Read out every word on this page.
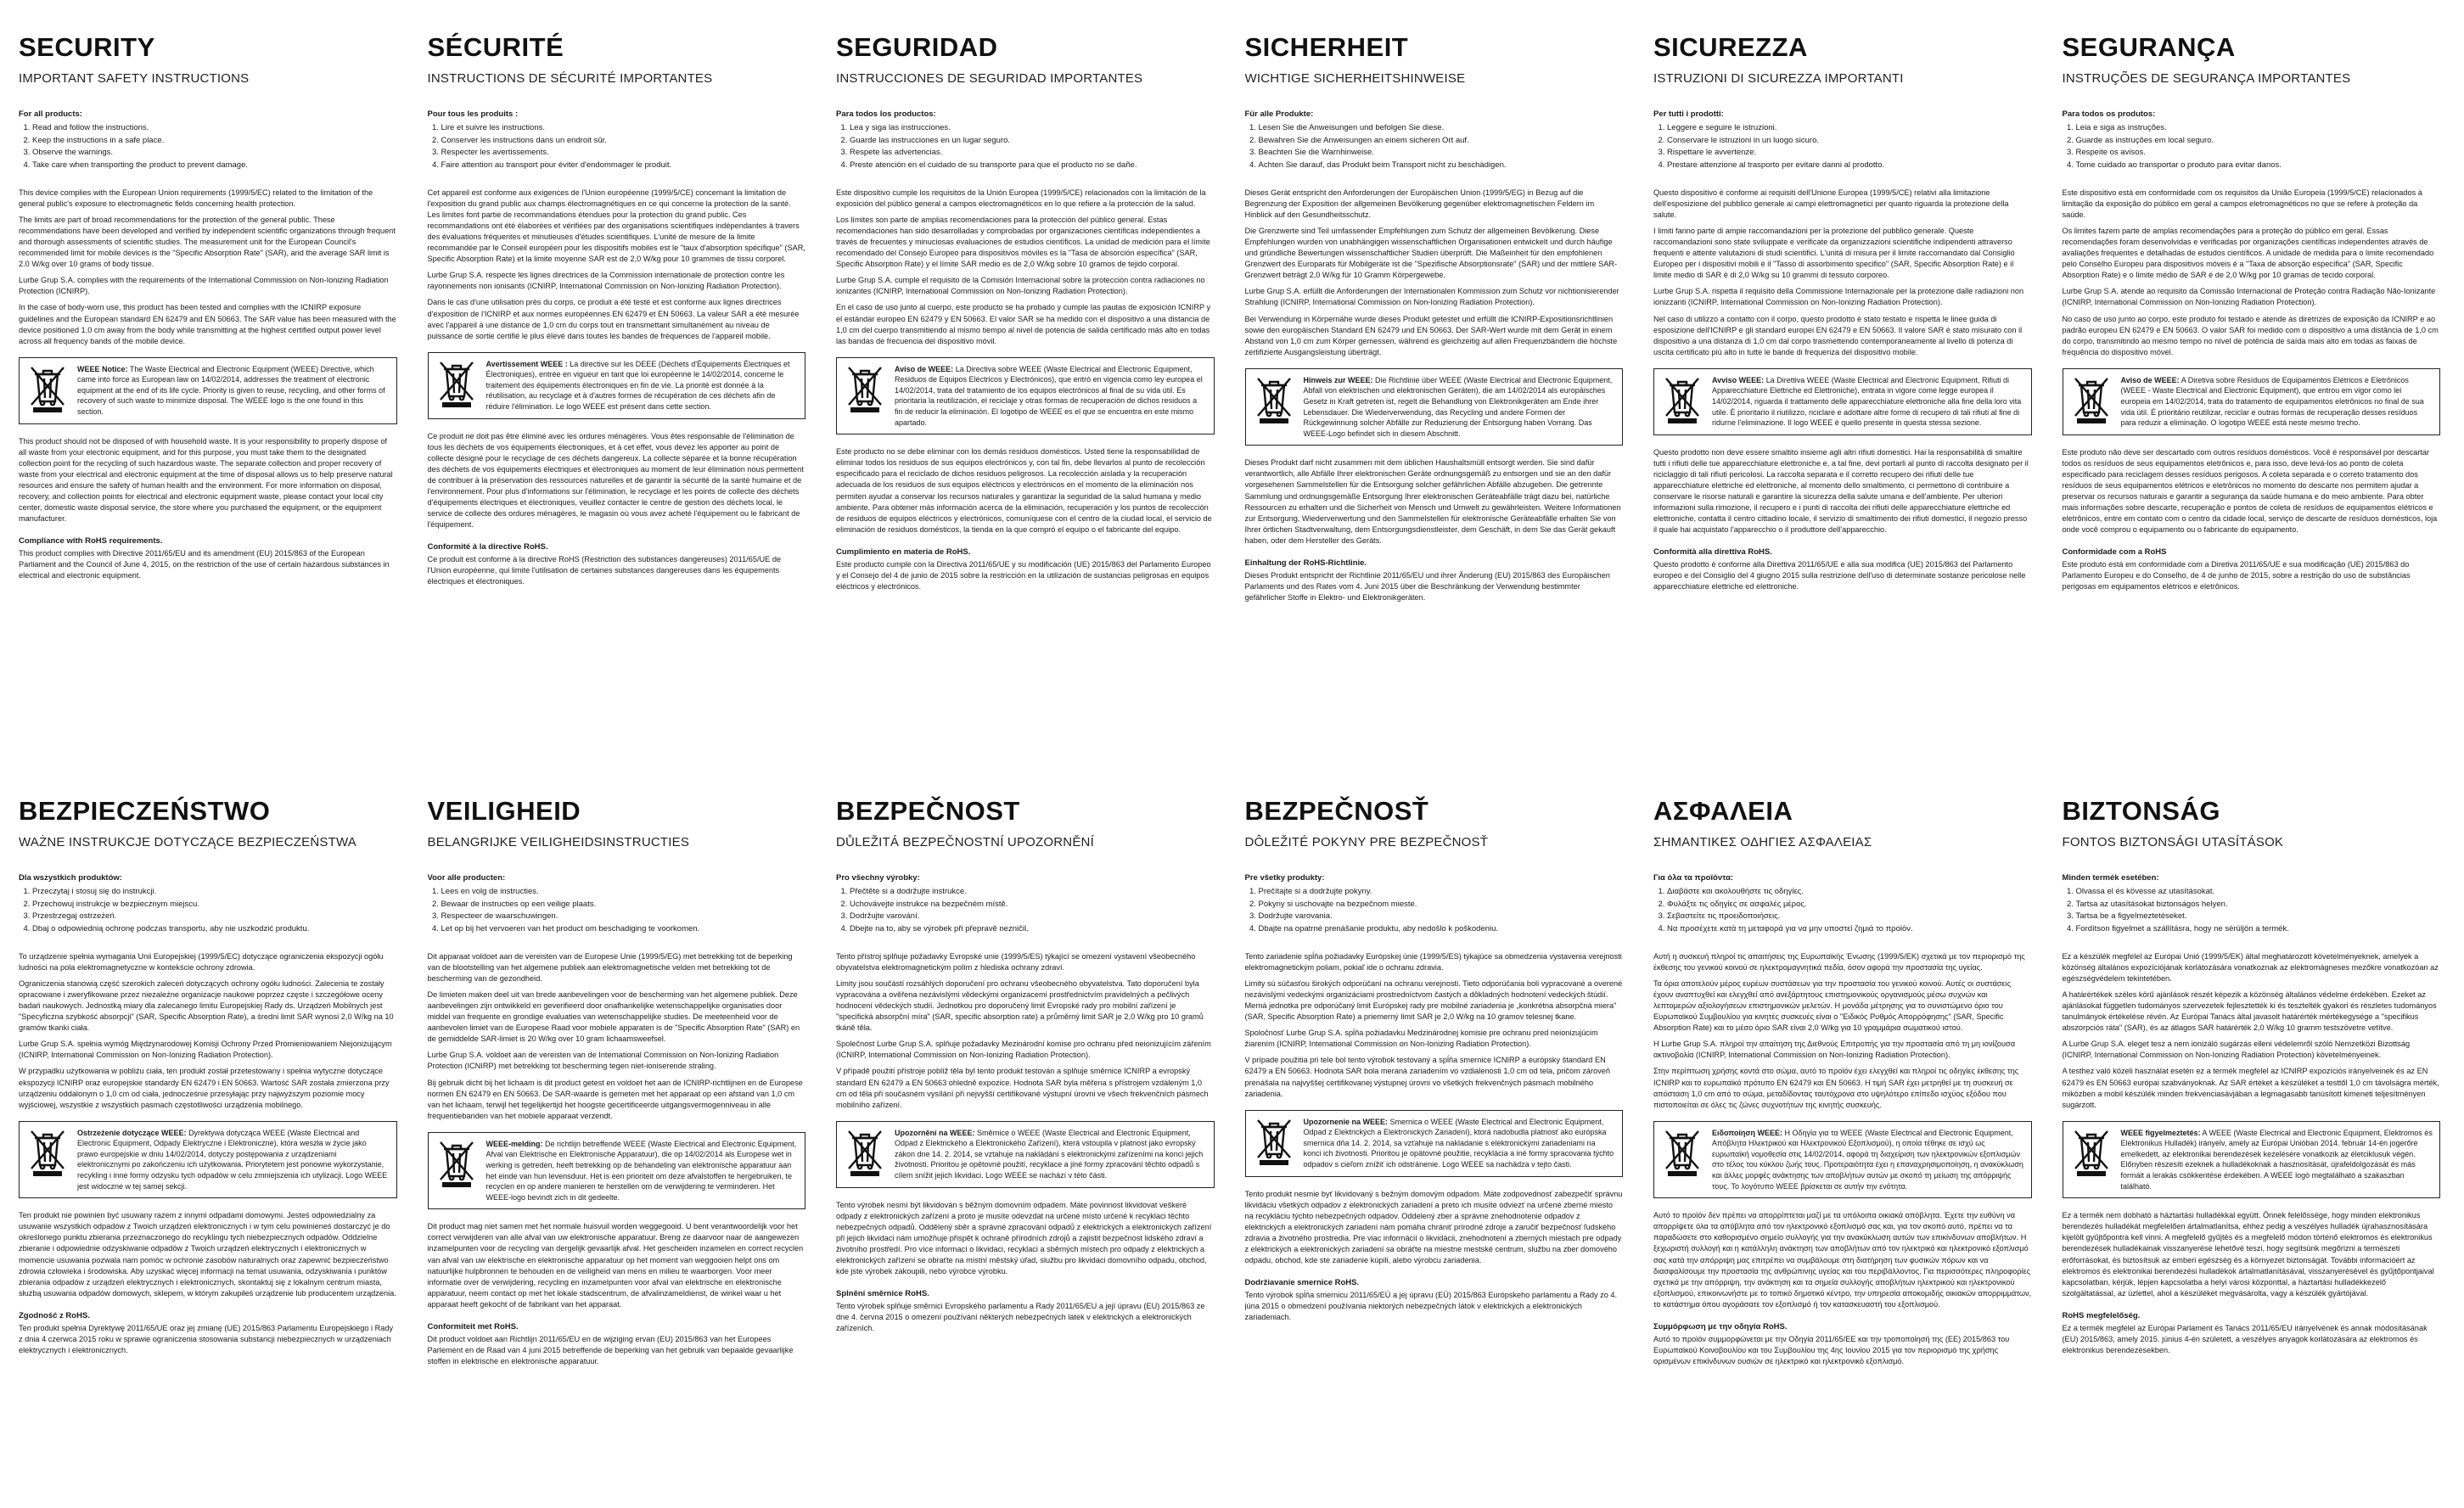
SECURITY
IMPORTANT SAFETY INSTRUCTIONS
For all products:
1. Read and follow the instructions.
2. Keep the instructions in a safe place.
3. Observe the warnings.
4. Take care when transporting the product to prevent damage.

This device complies with the European Union requirements (1999/5/EC) related to the limitation of the general public's exposure to electromagnetic fields concerning health protection.

The limits are part of broad recommendations for the protection of the general public. These recommendations have been developed and verified by independent scientific organizations through frequent and thorough assessments of scientific studies. The measurement unit for the European Council's recommended limit for mobile devices is the "Specific Absorption Rate" (SAR), and the average SAR limit is 2.0 W/kg over 10 grams of body tissue.

Lurbe Grup S.A. complies with the requirements of the International Commission on Non-Ionizing Radiation Protection (ICNIRP).

In the case of body-worn use, this product has been tested and complies with the ICNIRP exposure guidelines and the European standard EN 62479 and EN 50663. The SAR value has been measured with the device positioned 1.0 cm away from the body while transmitting at the highest certified output power level across all frequency bands of the mobile device.

WEEE Notice: The Waste Electrical and Electronic Equipment (WEEE) Directive, which came into force as European law on 14/02/2014, addresses the treatment of electronic equipment at the end of its life cycle. Priority is given to reuse, recycling, and other forms of recovery of such waste to minimize disposal. The WEEE logo is the one found in this section.

This product should not be disposed of with household waste. It is your responsibility to properly dispose of all waste from your electronic equipment, and for this purpose, you must take them to the designated collection point for the recycling of such hazardous waste. The separate collection and proper recovery of waste from your electrical and electronic equipment at the time of disposal allows us to help preserve natural resources and ensure the safety of human health and the environment. For more information on disposal, recovery, and collection points for electrical and electronic equipment waste, please contact your local city center, domestic waste disposal service, the store where you purchased the equipment, or the equipment manufacturer.

Compliance with RoHS requirements.
This product complies with Directive 2011/65/EU and its amendment (EU) 2015/863 of the European Parliament and the Council of June 4, 2015, on the restriction of the use of certain hazardous substances in electrical and electronic equipment.
SÉCURITÉ
INSTRUCTIONS DE SÉCURITÉ IMPORTANTES
Pour tous les produits :
1. Lire et suivre les instructions.
2. Conserver les instructions dans un endroit sûr.
3. Respecter les avertissements.
4. Faire attention au transport pour éviter d'endommager le produit.

Cet appareil est conforme aux exigences de l'Union européenne (1999/5/CE) concernant la limitation de l'exposition du grand public aux champs électromagnétiques en ce qui concerne la protection de la santé. Les limites font partie de recommandations étendues pour la protection du grand public. Ces recommandations ont été élaborées et vérifiées par des organisations scientifiques indépendantes à travers des évaluations fréquentes et minutieuses d'études scientifiques. L'unité de mesure de la limite recommandée par le Conseil européen pour les dispositifs mobiles est le "taux d'absorption spécifique" (SAR, Specific Absorption Rate) et la limite moyenne SAR est de 2,0 W/kg pour 10 grammes de tissu corporel.

Lurbe Grup S.A. respecte les lignes directrices de la Commission internationale de protection contre les rayonnements non ionisants (ICNIRP, International Commission on Non-Ionizing Radiation Protection).

Dans le cas d'une utilisation près du corps, ce produit a été testé et est conforme aux lignes directrices d'exposition de l'ICNIRP et aux normes européennes EN 62479 et EN 50663. La valeur SAR a été mesurée avec l'appareil à une distance de 1,0 cm du corps tout en transmettant simultanément au niveau de puissance de sortie certifié le plus élevé dans toutes les bandes de fréquences de l'appareil mobile.

Avertissement WEEE : La directive sur les DEEE (Déchets d'Équipements Électriques et Électroniques), entrée en vigueur en tant que loi européenne le 14/02/2014, concerne le traitement des équipements électroniques en fin de vie. La priorité est donnée à la réutilisation, au recyclage et à d'autres formes de récupération de ces déchets afin de réduire l'élimination. Le logo WEEE est présent dans cette section.

Ce produit ne doit pas être éliminé avec les ordures ménagères. Vous êtes responsable de l'élimination de tous les déchets de vos équipements électroniques, et à cet effet, vous devez les apporter au point de collecte désigné pour le recyclage de ces déchets dangereux. La collecte séparée et la bonne récupération des déchets de vos équipements électriques et électroniques au moment de leur élimination nous permettent de contribuer à la préservation des ressources naturelles et de garantir la sécurité de la santé humaine et de l'environnement. Pour plus d'informations sur l'élimination, le recyclage et les points de collecte des déchets d'équipements électriques et électroniques, veuillez contacter le centre de gestion des déchets local, le service de collecte des ordures ménagères, le magasin où vous avez acheté l'équipement ou le fabricant de l'équipement.

Conformité à la directive RoHS.
Ce produit est conforme à la directive RoHS (Restriction des substances dangereuses) 2011/65/UE de l'Union européenne, qui limite l'utilisation de certaines substances dangereuses dans les équipements électriques et électroniques.
SEGURIDAD
INSTRUCCIONES DE SEGURIDAD IMPORTANTES
Para todos los productos:
1. Lea y siga las instrucciones.
2. Guarde las instrucciones en un lugar seguro.
3. Respete las advertencias.
4. Preste atención en el cuidado de su transporte para que el producto no se dañe.

Este dispositivo cumple los requisitos de la Unión Europea (1999/5/CE) relacionados con la limitación de la exposición del público general a campos electromagnéticos en lo que refiere a la protección de la salud.

Los límites son parte de amplias recomendaciones para la protección del público general. Estas recomendaciones han sido desarrolladas y comprobadas por organizaciones científicas independientes a través de frecuentes y minuciosas evaluaciones de estudios científicos. La unidad de medición para el límite recomendado del Consejo Europeo para dispositivos móviles es la "Tasa de absorción específica" (SAR, Specific Absorption Rate) y el límite SAR medio es de 2,0 W/kg sobre 10 gramos de tejido corporal.

Lurbe Grup S.A. cumple el requisito de la Comisión Internacional sobre la protección contra radiaciones no ionizantes (ICNIRP, International Commission on Non-Ionizing Radiation Protection).

En el caso de uso junto al cuerpo, este producto se ha probado y cumple las pautas de exposición ICNIRP y el estándar europeo EN 62479 y EN 50663. El valor SAR se ha medido con el dispositivo a una distancia de 1,0 cm del cuerpo transmitiendo al mismo tiempo al nivel de potencia de salida certificado más alto en todas las bandas de frecuencia del dispositivo móvil.

Aviso de WEEE: La Directiva sobre WEEE (Waste Electrical and Electronic Equipment, Residuos de Equipos Eléctricos y Electrónicos), que entró en vigencia como ley europea el 14/02/2014, trata del tratamiento de los equipos electrónicos al final de su vida útil. Es prioritaria la reutilización, el reciclaje y otras formas de recuperación de dichos residuos a fin de reducir la eliminación. El logotipo de WEEE es el que se encuentra en este mismo apartado.

Este producto no se debe eliminar con los demás residuos domésticos. Usted tiene la responsabilidad de eliminar todos los residuos de sus equipos electrónicos y, con tal fin, debe llevarlos al punto de recolección especificado para el reciclado de dichos residuos peligrosos. La recolección aislada y la recuperación adecuada de los residuos de sus equipos eléctricos y electrónicos en el momento de la eliminación nos permiten ayudar a conservar los recursos naturales y garantizar la seguridad de la salud humana y medio ambiente. Para obtener más información acerca de la eliminación, recuperación y los puntos de recolección de residuos de equipos eléctricos y electrónicos, comuníquese con el centro de la ciudad local, el servicio de eliminación de residuos domésticos, la tienda en la que compró el equipo o el fabricante del equipo.

Cumplimiento en materia de RoHS.
Este producto cumple con la Directiva 2011/65/UE y su modificación (UE) 2015/863 del Parlamento Europeo y el Consejo del 4 de junio de 2015 sobre la restricción en la utilización de sustancias peligrosas en equipos eléctricos y electrónicos.
SICHERHEIT
WICHTIGE SICHERHEITSHINWEISE
Für alle Produkte:
1. Lesen Sie die Anweisungen und befolgen Sie diese.
2. Bewahren Sie die Anweisungen an einem sicheren Ort auf.
3. Beachten Sie die Warnhinweise.
4. Achten Sie darauf, das Produkt beim Transport nicht zu beschädigen.

Dieses Gerät entspricht den Anforderungen der Europäischen Union (1999/5/EG) in Bezug auf die Begrenzung der Exposition der allgemeinen Bevölkerung gegenüber elektromagnetischen Feldern im Hinblick auf den Gesundheitsschutz.

Die Grenzwerte sind Teil umfassender Empfehlungen zum Schutz der allgemeinen Bevölkerung. Diese Empfehlungen wurden von unabhängigen wissenschaftlichen Organisationen entwickelt und durch häufige und gründliche Bewertungen wissenschaftlicher Studien überprüft. Die Maßeinheit für den empfohlenen Grenzwert des Europarats für Mobilgeräte ist die "Spezifische Absorptionsrate" (SAR) und der mittlere SAR-Grenzwert beträgt 2,0 W/kg für 10 Gramm Körpergewebe.

Lurbe Grup S.A. erfüllt die Anforderungen der Internationalen Kommission zum Schutz vor nichtionisierender Strahlung (ICNIRP, International Commission on Non-Ionizing Radiation Protection).

Bei Verwendung in Körpernähe wurde dieses Produkt getestet und erfüllt die ICNIRP-Expositionsrichtlinien sowie den europäischen Standard EN 62479 und EN 50663. Der SAR-Wert wurde mit dem Gerät in einem Abstand von 1,0 cm zum Körper gemessen, während es gleichzeitig auf allen Frequenzbändern die höchste zertifizierte Ausgangsleistung überträgt.

Hinweis zur WEEE: Die Richtlinie über WEEE (Waste Electrical and Electronic Equipment, Abfall von elektrischen und elektronischen Geräten), die am 14/02/2014 als europäisches Gesetz in Kraft getreten ist, regelt die Behandlung von Elektronikgeräten am Ende ihrer Lebensdauer. Die Wiederverwendung, das Recycling und andere Formen der Rückgewinnung solcher Abfälle zur Reduzierung der Entsorgung haben Vorrang. Das WEEE-Logo befindet sich in diesem Abschnitt.

Dieses Produkt darf nicht zusammen mit dem üblichen Haushaltsmüll entsorgt werden. Sie sind dafür verantwortlich, alle Abfälle Ihrer elektronischen Geräte ordnungsgemäß zu entsorgen und sie an den dafür vorgesehenen Sammelstellen für die Entsorgung solcher gefährlichen Abfälle abzugeben. Die getrennte Sammlung und ordnungsgemäße Entsorgung Ihrer elektronischen Geräteabfälle trägt dazu bei, natürliche Ressourcen zu erhalten und die Sicherheit von Mensch und Umwelt zu gewährleisten. Weitere Informationen zur Entsorgung, Wiederverwertung und den Sammelstellen für elektronische Geräteabfälle erhalten Sie von Ihrer örtlichen Stadtverwaltung, dem Entsorgungsdienstleister, dem Geschäft, in dem Sie das Gerät gekauft haben, oder dem Hersteller des Geräts.

Einhaltung der RoHS-Richtlinie.
Dieses Produkt entspricht der Richtlinie 2011/65/EU und ihrer Änderung (EU) 2015/863 des Europäischen Parlaments und des Rates vom 4. Juni 2015 über die Beschränkung der Verwendung bestimmter gefährlicher Stoffe in Elektro- und Elektronikgeräten.
SICUREZZA
ISTRUZIONI DI SICUREZZA IMPORTANTI
Per tutti i prodotti:
1. Leggere e seguire le istruzioni.
2. Conservare le istruzioni in un luogo sicuro.
3. Rispettare le avvertenze.
4. Prestare attenzione al trasporto per evitare danni al prodotto.

Questo dispositivo è conforme ai requisiti dell'Unione Europea (1999/5/CE) relativi alla limitazione dell'esposizione del pubblico generale ai campi elettromagnetici per quanto riguarda la protezione della salute.

I limiti fanno parte di ampie raccomandazioni per la protezione del pubblico generale. Queste raccomandazioni sono state sviluppate e verificate da organizzazioni scientifiche indipendenti attraverso frequenti e attente valutazioni di studi scientifici. L'unità di misura per il limite raccomandato dal Consiglio Europeo per i dispositivi mobili è il "Tasso di assorbimento specifico" (SAR, Specific Absorption Rate) e il limite medio di SAR è di 2,0 W/kg su 10 grammi di tessuto corporeo.

Lurbe Grup S.A. rispetta il requisito della Commissione Internazionale per la protezione dalle radiazioni non ionizzanti (ICNIRP, International Commission on Non-Ionizing Radiation Protection).

Nel caso di utilizzo a contatto con il corpo, questo prodotto è stato testato e rispetta le linee guida di esposizione dell'ICNIRP e gli standard europei EN 62479 e EN 50663. Il valore SAR è stato misurato con il dispositivo a una distanza di 1,0 cm dal corpo trasmettendo contemporaneamente al livello di potenza di uscita certificato più alto in tutte le bande di frequenza del dispositivo mobile.

Avviso WEEE: La Direttiva WEEE (Waste Electrical and Electronic Equipment, Rifiuti di Apparecchiature Elettriche ed Elettroniche), entrata in vigore come legge europea il 14/02/2014, riguarda il trattamento delle apparecchiature elettroniche alla fine della loro vita utile. È prioritario il riutilizzo, riciclare e adottare altre forme di recupero di tali rifiuti al fine di ridurne l'eliminazione. Il logo WEEE è quello presente in questa stessa sezione.

Questo prodotto non deve essere smaltito insieme agli altri rifiuti domestici. Hai la responsabilità di smaltire tutti i rifiuti delle tue apparecchiature elettroniche e, a tal fine, devi portarli al punto di raccolta designato per il riciclaggio di tali rifiuti pericolosi. La raccolta separata e il corretto recupero dei rifiuti delle tue apparecchiature elettriche ed elettroniche, al momento dello smaltimento, ci permettono di contribuire a conservare le risorse naturali e garantire la sicurezza della salute umana e dell'ambiente. Per ulteriori informazioni sulla rimozione, il recupero e i punti di raccolta dei rifiuti delle apparecchiature elettriche ed elettroniche, contatta il centro cittadino locale, il servizio di smaltimento dei rifiuti domestici, il negozio presso il quale hai acquistato l'apparecchio o il produttore dell'apparecchio.

Conformità alla direttiva RoHS.
Questo prodotto è conforme alla Direttiva 2011/65/UE e alla sua modifica (UE) 2015/863 del Parlamento europeo e del Consiglio del 4 giugno 2015 sulla restrizione dell'uso di determinate sostanze pericolose nelle apparecchiature elettriche ed elettroniche.
SEGURANÇA
INSTRUÇÕES DE SEGURANÇA IMPORTANTES
Para todos os produtos:
1. Leia e siga as instruções.
2. Guarde as instruções em local seguro.
3. Respeite os avisos.
4. Tome cuidado ao transportar o produto para evitar danos.

Este dispositivo está em conformidade com os requisitos da União Europeia (1999/5/CE) relacionados à limitação da exposição do público em geral a campos eletromagnéticos no que se refere à proteção da saúde.

Os limites fazem parte de amplas recomendações para a proteção do público em geral. Essas recomendações foram desenvolvidas e verificadas por organizações científicas independentes através de avaliações frequentes e detalhadas de estudos científicos. A unidade de medida para o limite recomendado pelo Conselho Europeu para dispositivos móveis é a "Taxa de absorção específica" (SAR, Specific Absorption Rate) e o limite médio de SAR é de 2,0 W/kg por 10 gramas de tecido corporal.

Lurbe Grup S.A. atende ao requisito da Comissão Internacional de Proteção contra Radiação Não-Ionizante (ICNIRP, International Commission on Non-Ionizing Radiation Protection).

No caso de uso junto ao corpo, este produto foi testado e atende às diretrizes de exposição da ICNIRP e ao padrão europeu EN 62479 e EN 50663. O valor SAR foi medido com o dispositivo a uma distância de 1,0 cm do corpo, transmitindo ao mesmo tempo no nível de potência de saída mais alto em todas as faixas de frequência do dispositivo móvel.

Aviso de WEEE: A Diretiva sobre Resíduos de Equipamentos Elétricos e Eletrônicos (WEEE - Waste Electrical and Electronic Equipment), que entrou em vigor como lei europeia em 14/02/2014, trata do tratamento de equipamentos eletrônicos no final de sua vida útil. É prioritário reutilizar, reciclar e outras formas de recuperação desses resíduos para reduzir a eliminação. O logotipo WEEE está neste mesmo trecho.

Este produto não deve ser descartado com outros resíduos domésticos. Você é responsável por descartar todos os resíduos de seus equipamentos eletrônicos e, para isso, deve levá-los ao ponto de coleta especificado para reciclagem desses resíduos perigosos. A coleta separada e o correto tratamento dos resíduos de seus equipamentos elétricos e eletrônicos no momento do descarte nos permitem ajudar a preservar os recursos naturais e garantir a segurança da saúde humana e do meio ambiente. Para obter mais informações sobre descarte, recuperação e pontos de coleta de resíduos de equipamentos elétricos e eletrônicos, entre em contato com o centro da cidade local, serviço de descarte de resíduos domésticos, loja onde você comprou o equipamento ou o fabricante do equipamento.

Conformidade com a RoHS
Este produto está em conformidade com a Diretiva 2011/65/UE e sua modificação (UE) 2015/863 do Parlamento Europeu e do Conselho, de 4 de junho de 2015, sobre a restrição do uso de substâncias perigosas em equipamentos elétricos e eletrônicos.
BEZPIECZEŃSTWO
WAŻNE INSTRUKCJE DOTYCZĄCE BEZPIECZEŃSTWA
Dla wszystkich produktów:
1. Przeczytaj i stosuj się do instrukcji.
2. Przechowuj instrukcje w bezpiecznym miejscu.
3. Przestrzegaj ostrzeżeń.
4. Dbaj o odpowiednią ochronę podczas transportu, aby nie uszkodzić produktu.

To urządzenie spełnia wymagania Unii Europejskiej (1999/5/EC) dotyczące ograniczenia ekspozycji ogółu ludności na pola elektromagnetyczne w kontekście ochrony zdrowia.

Ograniczenia stanowią część szerokich zaleceń dotyczących ochrony ogółu ludności. Zalecenia te zostały opracowane i zweryfikowane przez niezależne organizacje naukowe poprzez częste i szczegółowe oceny badań naukowych. Jednostką miary dla zalecanego limitu Europejskiej Rady ds. Urządzeń Mobilnych jest "Specyficzna szybkość absorpcji" (SAR, Specific Absorption Rate), a średni limit SAR wynosi 2,0 W/kg na 10 gramów tkanki ciała.

Lurbe Grup S.A. spełnia wymóg Międzynarodowej Komisji Ochrony Przed Promieniowaniem Niejonizującym (ICNIRP, International Commission on Non-Ionizing Radiation Protection).

W przypadku użytkowania w pobliżu ciała, ten produkt został przetestowany i spełnia wytyczne dotyczące ekspozycji ICNIRP oraz europejskie standardy EN 62479 i EN 50663. Wartość SAR została zmierzona przy urządzeniu oddalonym o 1,0 cm od ciała, jednocześnie przesyłając przy najwyższym poziomie mocy wyjściowej, wszystkie z wszystkich pasmach częstotliwości urządzenia mobilnego.

Ostrzeżenie dotyczące WEEE: Dyrektywa dotycząca WEEE (Waste Electrical and Electronic Equipment, Odpady Elektryczne i Elektroniczne), która weszła w życie jako prawo europejskie w dniu 14/02/2014, dotyczy postępowania z urządzeniami elektronicznymi po zakończeniu ich użytkowania. Priorytetem jest ponowne wykorzystanie, recykling i inne formy odzysku tych odpadów w celu zmniejszenia ich utylizacji. Logo WEEE jest widoczne w tej samej sekcji.

Ten produkt nie powinien być usuwany razem z innymi odpadami domowymi. Jesteś odpowiedzialny za usuwanie wszystkich odpadów z Twoich urządzeń elektronicznych i w tym celu powinieneś dostarczyć je do określonego punktu zbierania przeznaczonego do recyklingu tych niebezpiecznych odpadów. Oddzielne zbieranie i odpowiednie odzyskiwanie odpadów z Twoich urządzeń elektrycznych i elektronicznych w momencie usuwania pozwala nam pomóc w ochronie zasobów naturalnych oraz zapewnić bezpieczeństwo zdrowia człowieka i środowiska. Aby uzyskać więcej informacji na temat usuwania, odzyskiwania i punktów zbierania odpadów z urządzeń elektrycznych i elektronicznych, skontaktuj się z lokalnym centrum miasta, służbą usuwania odpadów domowych, sklepem, w którym zakupiłeś urządzenie lub producentem urządzenia.

Zgodność z RoHS.
Ten produkt spełnia Dyrektywę 2011/65/UE oraz jej zmianę (UE) 2015/863 Parlamentu Europejskiego i Rady z dnia 4 czerwca 2015 roku w sprawie ograniczenia stosowania substancji niebezpiecznych w urządzeniach elektrycznych i elektronicznych.
VEILIGHEID
BELANGRIJKE VEILIGHEIDSINSTRUCTIES
Voor alle producten:
1. Lees en volg de instructies.
2. Bewaar de instructies op een veilige plaats.
3. Respecteer de waarschuwingen.
4. Let op bij het vervoeren van het product om beschadiging te voorkomen.

Dit apparaat voldoet aan de vereisten van de Europese Unie (1999/5/EG) met betrekking tot de beperking van de blootstelling van het algemene publiek aan elektromagnetische velden met betrekking tot de bescherming van de gezondheid.

De limieten maken deel uit van brede aanbevelingen voor de bescherming van het algemene publiek. Deze aanbevelingen zijn ontwikkeld en geverifieerd door onafhankelijke wetenschappelijke organisaties door middel van frequente en grondige evaluaties van wetenschappelijke studies. De meeteenheid voor de aanbevolen limiet van de Europese Raad voor mobiele apparaten is de "Specific Absorption Rate" (SAR) en de gemiddelde SAR-limiet is 20 W/kg over 10 gram lichaamsweefsel.

Lurbe Grup S.A. voldoet aan de vereisten van de International Commission on Non-Ionizing Radiation Protection (ICNIRP) met betrekking tot bescherming tegen niet-ioniserende straling.

Bij gebruik dicht bij het lichaam is dit product getest en voldoet het aan de ICNIRP-richtlijnen en de Europese normen EN 62479 en EN 50663. De SAR-waarde is gemeten met het apparaat op een afstand van 1,0 cm van het lichaam, terwijl het tegelijkertijd het hoogste gecertificeerde uitgangsvermogenniveau in alle frequentiebanden van het mobiele apparaat verzendt.

WEEE-melding: De richtlijn betreffende WEEE (Waste Electrical and Electronic Equipment, Afval van Elektrische en Elektronische Apparatuur), die op 14/02/2014 als Europese wet in werking is getreden, heeft betrekking op de behandeling van elektronische apparatuur aan het einde van hun levensduur. Het is een prioriteit om deze afvalstoffen te hergebruiken, te recyclen en op andere manieren te herstellen om de verwijdering te verminderen. Het WEEE-logo bevindt zich in dit gedeelte.

Dit product mag niet samen met het normale huisvuil worden weggegooid. U bent verantwoordelijk voor het correct verwijderen van alle afval van uw elektronische apparatuur. Breng ze daarvoor naar de aangewezen inzamelpunten voor de recycling van dergelijk gevaarlijk afval. Het gescheiden inzamelen en correct recyclen van afval van uw elektrische en elektronische apparatuur op het moment van weggooien helpt ons om natuurlijke hulpbronnen te behouden en de veiligheid van mens en milieu te waarborgen. Voor meer informatie over de verwijdering, recycling en inzamelpunten voor afval van elektrische en elektronische apparatuur, neem contact op met het lokale stadscentrum, de afvalinzameldienst, de winkel waar u het apparaat heeft gekocht of de fabrikant van het apparaat.

Conformiteit met RoHS.
Dit product voldoet aan Richtlijn 2011/65/EU en de wijziging ervan (EU) 2015/863 van het Europees Parlement en de Raad van 4 juni 2015 betreffende de beperking van het gebruik van bepaalde gevaarlijke stoffen in elektrische en elektronische apparatuur.
BEZPEČNOST
DŮLEŽITÁ BEZPEČNOSTNÍ UPOZORNĚNÍ
Pro všechny výrobky:
1. Přečtěte si a dodržujte instrukce.
2. Uchovávejte instrukce na bezpečném místě.
3. Dodržujte varování.
4. Dbejte na to, aby se výrobek při přepravě nezničil.

Tento přístroj splňuje požadavky Evropské unie (1999/5/ES) týkající se omezení vystavení všeobecného obyvatelstva elektromagnetickým polím z hlediska ochrany zdraví.

Limity jsou součástí rozsáhlých doporučení pro ochranu všeobecného obyvatelstva. Tato doporučení byla vypracována a ověřena nezávislými vědeckými organizacemi prostřednictvím pravidelných a pečlivých hodnocení vědeckých studií. Jednotkou pro doporučený limit Evropské rady pro mobilní zařízení je "specifická absorpční míra" (SAR, specific absorption rate) a průměrný limit SAR je 2,0 W/kg pro 10 gramů tkáně těla.

Společnost Lurbe Grup S.A. splňuje požadavky Mezinárodní komise pro ochranu před neionizujícím zářením (ICNIRP, International Commission on Non-Ionizing Radiation Protection).

V případě použití přístroje poblíž těla byl tento produkt testován a splňuje směrnice ICNIRP a evropský standard EN 62479 a EN 50663 ohledně expozice. Hodnota SAR byla měřena s přístrojem vzdáleným 1,0 cm od těla při současném vysílání při nejvyšší certifikované výstupní úrovni ve všech frekvenčních pásmech mobilního zařízení.

Upozornění na WEEE: Směrnice o WEEE (Waste Electrical and Electronic Equipment, Odpad z Elektrického a Elektronického Zařízení), která vstoupila v platnost jako evropský zákon dne 14. 2. 2014, se vztahuje na nakládání s elektronickými zařízeními na konci jejich životnosti. Prioritou je opětovné použití, recyklace a jiné formy zpracování těchto odpadů s cílem snížit jejich likvidaci. Logo WEEE se nachází v této části.

Tento výrobek nesmí být likvidován s běžným domovním odpadem. Máte povinnost likvidovat veškeré odpady z elektronických zařízení a proto je musíte odevzdat na určené místo určené k recyklaci těchto nebezpečných odpadů. Oddělený sběr a správné zpracování odpadů z elektrických a elektronických zařízení při jejich likvidaci nám umožňuje přispět k ochraně přírodních zdrojů a zajistit bezpečnost lidského zdraví a životního prostředí. Pro více informací o likvidaci, recyklaci a sběrných místech pro odpady z elektrických a elektronických zařízení se obraťte na místní městský úřad, službu pro likvidaci domovního odpadu, obchod, kde jste výrobek zakoupili, nebo výrobce výrobku.

Splnění směrnice RoHS.
Tento výrobek splňuje směrnici Evropského parlamentu a Rady 2011/65/EU a její úpravu (EU) 2015/863 ze dne 4. června 2015 o omezení používání některých nebezpečných látek v elektrických a elektronických zařízeních.
BEZPEČNOSŤ
DÔLEŽITÉ POKYNY PRE BEZPEČNOSŤ
Pre všetky produkty:
1. Prečítajte si a dodržujte pokyny.
2. Pokyny si uschovajte na bezpečnom mieste.
3. Dodržujte varovania.
4. Dbajte na opatrné prenášanie produktu, aby nedošlo k poškodeniu.

Tento zariadenie spĺňa požiadavky Európskej únie (1999/5/ES) týkajúce sa obmedzenia vystavenia verejnosti elektromagnetickým poliam, pokiaľ ide o ochranu zdravia.

Limity sú súčasťou širokých odporúčaní na ochranu verejnosti. Tieto odporúčania boli vypracované a overené nezávislými vedeckými organizáciami prostredníctvom častých a dôkladných hodnotení vedeckých štúdií. Merná jednotka pre odporúčaný limit Európskej rady pre mobilné zariadenia je „konkrétna absorpčná miera" (SAR, Specific Absorption Rate) a priemerný limit SAR je 2,0 W/kg na 10 gramov telesnej tkane.

Spoločnosť Lurbe Grup S.A. spĺňa požiadavku Medzinárodnej komisie pre ochranu pred neionizujúcim žiarením (ICNIRP, International Commission on Non-Ionizing Radiation Protection).

V prípade použitia pri tele bol tento výrobok testovaný a spĺňa smernice ICNIRP a európsky štandard EN 62479 a EN 50663. Hodnota SAR bola meraná zariadením vo vzdialenosti 1,0 cm od tela, pričom zároveň prenášala na najvyššej certifikovanej výstupnej úrovni vo všetkých frekvenčných pásmach mobilného zariadenia.

Upozornenie na WEEE: Smernica o WEEE (Waste Electrical and Electronic Equipment, Odpad z Elektrických a Elektronických Zariadení), ktorá nadobudla platnosť ako európska smernica dňa 14. 2. 2014, sa vzťahuje na nakladanie s elektronickými zariadeniami na konci ich životnosti. Prioritou je opätovné použitie, recyklácia a iné formy spracovania týchto odpadov s cieľom znížiť ich odstránenie. Logo WEEE sa nachádza v tejto časti.

Tento produkt nesmie byť likvidovaný s bežným domovým odpadom. Máte zodpovednosť zabezpečiť správnu likvidáciu všetkých odpadov z elektronických zariadení a preto ich musíte odviezť na určené zberné miesto na recykláciu týchto nebezpečných odpadov. Oddelený zber a správne znehodnotenie odpadov z elektrických a elektronických zariadení nám pomáha chrániť prírodné zdroje a zaručiť bezpečnosť ľudského zdravia a životného prostredia. Pre viac informácií o likvidácii, znehodnotení a zberných miestach pre odpady z elektrických a elektronických zariadení sa obráťte na miestne mestské centrum, službu na zber domového odpadu, obchod, kde ste zariadenie kúpili, alebo výrobcu zariadenia.

Dodržiavanie smernice RoHS.
Tento výrobok spĺňa smernicu 2011/65/EÚ a jej úpravu (EÚ) 2015/863 Európskeho parlamentu a Rady zo 4. júna 2015 o obmedzení používania niektorých nebezpečných látok v elektrických a elektronických zariadeniach.
ΑΣΦΑΛΕΙΑ
ΣΗΜΑΝΤΙΚΕΣ ΟΔΗΓΙΕΣ ΑΣΦΑΛΕΙΑΣ
Για όλα τα προϊόντα:
1. Διαβάστε και ακολουθήστε τις οδηγίες.
2. Φυλάξτε τις οδηγίες σε ασφαλές μέρος.
3. Σεβαστείτε τις προειδοποιήσεις.
4. Να προσέχετε κατά τη μεταφορά για να μην υποστεί ζημιά το προϊόν.

Αυτή η συσκευή πληροί τις απαιτήσεις της Ευρωπαϊκής Ένωσης (1999/5/ΕΚ) σχετικά με τον περιορισμό της έκθεσης του γενικού κοινού σε ηλεκτρομαγνητικά πεδία, όσον αφορά την προστασία της υγείας.

Τα όρια αποτελούν μέρος ευρέων συστάσεων για την προστασία του γενικού κοινού. Αυτές οι συστάσεις έχουν αναπτυχθεί και ελεγχθεί από ανεξάρτητους επιστημονικούς οργανισμούς μέσω συχνών και λεπτομερών αξιολογήσεων επιστημονικών μελετών. Η μονάδα μέτρησης για το συνιστώμενο όριο του Ευρωπαϊκού Συμβουλίου για κινητές συσκευές είναι ο "Ειδικός Ρυθμός Απορρόφησης" (SAR, Specific Absorption Rate) και το μέσο όριο SAR είναι 2,0 W/kg για 10 γραμμάρια σωματικού ιστού.

Η Lurbe Grup S.A. πληροί την απαίτηση της Διεθνούς Επιτροπής για την προστασία από τη μη ιονίζουσα ακτινοβολία (ICNIRP, International Commission on Non-Ionizing Radiation Protection).

Στην περίπτωση χρήσης κοντά στο σώμα, αυτό το προϊόν έχει ελεγχθεί και πληροί τις οδηγίες έκθεσης της ICNIRP και το ευρωπαϊκό πρότυπο EN 62479 και EN 50663. Η τιμή SAR έχει μετρηθεί με τη συσκευή σε απόσταση 1,0 cm από το σώμα, μεταδίδοντας ταυτόχρονα στο υψηλότερο επίπεδο ισχύος εξόδου που πιστοποιείται σε όλες τις ζώνες συχνοτήτων της κινητής συσκευής.

Ειδοποίηση WEEE: Η Οδηγία για τα WEEE (Waste Electrical and Electronic Equipment, Απόβλητα Ηλεκτρικού και Ηλεκτρονικού Εξοπλισμού), η οποία τέθηκε σε ισχύ ως ευρωπαϊκή νομοθεσία στις 14/02/2014, αφορά τη διαχείριση των ηλεκτρονικών εξοπλισμών στο τέλος του κύκλου ζωής τους. Προτεραιότητα έχει η επαναχρησιμοποίηση, η ανακύκλωση και άλλες μορφές ανάκτησης των αποβλήτων αυτών με σκοπό τη μείωση της απόρριψής τους. Το λογότυπο WEEE βρίσκεται σε αυτήν την ενότητα.

Αυτό το προϊόν δεν πρέπει να απορρίπτεται μαζί με τα υπόλοιπα οικιακά απόβλητα. Έχετε την ευθύνη να απορρίψετε όλα τα απόβλητα από τον ηλεκτρονικό εξοπλισμό σας και, για τον σκοπό αυτό, πρέπει να τα παραδώσετε στο καθορισμένο σημείο συλλογής για την ανακύκλωση αυτών των επικίνδυνων αποβλήτων. Η ξεχωριστή συλλογή και η κατάλληλη ανάκτηση των αποβλήτων από τον ηλεκτρικό και ηλεκτρονικό εξοπλισμό σας κατά την απόρριψη μας επιτρέπει να συμβάλουμε στη διατήρηση των φυσικών πόρων και να διασφαλίσουμε την προστασία της ανθρώπινης υγείας και του περιβάλλοντος. Για περισσότερες πληροφορίες σχετικά με την απόρριψη, την ανάκτηση και τα σημεία συλλογής αποβλήτων ηλεκτρικού και ηλεκτρονικού εξοπλισμού, επικοινωνήστε με το τοπικό δημοτικό κέντρο, την υπηρεσία αποκομιδής οικιακών απορριμμάτων, το κατάστημα όπου αγοράσατε τον εξοπλισμό ή τον κατασκευαστή του εξοπλισμού.

Συμμόρφωση με την οδηγία RoHS.
Αυτό το προϊόν συμμορφώνεται με την Οδηγία 2011/65/ΕΕ και την τροποποίησή της (ΕΕ) 2015/863 του Ευρωπαϊκού Κοινοβουλίου και του Συμβουλίου της 4ης Ιουνίου 2015 για τον περιορισμό της χρήσης ορισμένων επικίνδυνων ουσιών σε ηλεκτρικό και ηλεκτρονικό εξοπλισμό.
BIZTONSÁG
FONTOS BIZTONSÁGI UTASÍTÁSOK
Minden termék esetében:
1. Olvassa el és kövesse az utasításokat.
2. Tartsa az utasításokat biztonságos helyen.
3. Tartsa be a figyelmeztetéseket.
4. Fordítson figyelmet a szállításra, hogy ne sérüljön a termék.

Ez a készülék megfelel az Európai Unió (1999/5/EK) által meghatározott követelményeknek, amelyek a közönség általános expozíciójának korlátozására vonatkoznak az elektromágneses mezőkre vonatkozóan az egészségvédelem tekintetében.

A határértékek széles körű ajánlások részét képezik a közönség általános védelme érdekében. Ezeket az ajánlásokat független tudományos szervezetek fejlesztették ki és tesztelték gyakori és részletes tudományos tanulmányok értékelése révén. Az Európai Tanács által javasolt határérték mértékegysége a "specifikus abszorpciós ráta" (SAR), és az átlagos SAR határérték 2,0 W/kg 10 gramm testszövetre vetítve.

A Lurbe Grup S.A. eleget tesz a nem ionizáló sugárzás elleni védelemről szóló Nemzetközi Bizottság (ICNIRP, International Commission on Non-Ionizing Radiation Protection) követelményeinek.

A testhez való közeli használat esetén ez a termék megfelel az ICNIRP expozíciós irányelveinek és az EN 62479 és EN 50663 európai szabványoknak. Az SAR értéket a készüléket a testtől 1,0 cm távolságra mérték, miközben a mobil készülék minden frekvenciasávjában a legmagasabb tanúsított kimeneti teljesítményen sugárzott.

WEEE figyelmeztetés: A WEEE (Waste Electrical and Electronic Equipment, Elektromos és Elektronikus Hulladék) irányelv, amely az Európai Unióban 2014. február 14-én jogerőre emelkedett, az elektronikai berendezések kezelésére vonatkozik az életciklusuk végén. Előnyben részesíti ezeknek a hulladékoknak a hasznosítását, újrafeldolgozását és más formáit a lerakás csökkentése érdekében. A WEEE logó megtalálható a szakaszban található.

Ez a termék nem dobható a háztartási hulladékkal együtt. Önnek felelőssége, hogy minden elektronikus berendezés hulladékát megfelelően ártalmatlanítsa, ehhez pedig a veszélyes hulladék újrahasznosítására kijelölt gyűjtőpontra kell vinni. A megfelelő gyűjtés és a megfelelő módon történő elektromos és elektronikus berendezések hulladékainak visszanyerése lehetővé teszi, hogy segítsünk megőrizni a természeti erőforrásokat, és biztosítsuk az emberi egészség és a környezet biztonságát. További információért az elektromos és elektronikai berendezési hulladékok ártalmatlanításával, visszanyerésével és gyűjtőpontjaival kapcsolatban, kérjük, lépjen kapcsolatba a helyi városi központtal, a háztartási hulladékkezelő szolgáltatással, az üzlettel, ahol a készüléket megvásárolta, vagy a készülék gyártójával.

RoHS megfelelőség.
Ez a termék megfelel az Európai Parlament és Tanács 2011/65/EU irányelvének és annak módosításának (EU) 2015/863, amely 2015. június 4-én született, a veszélyes anyagok korlátozására az elektromos és elektronikus berendezésekben.
